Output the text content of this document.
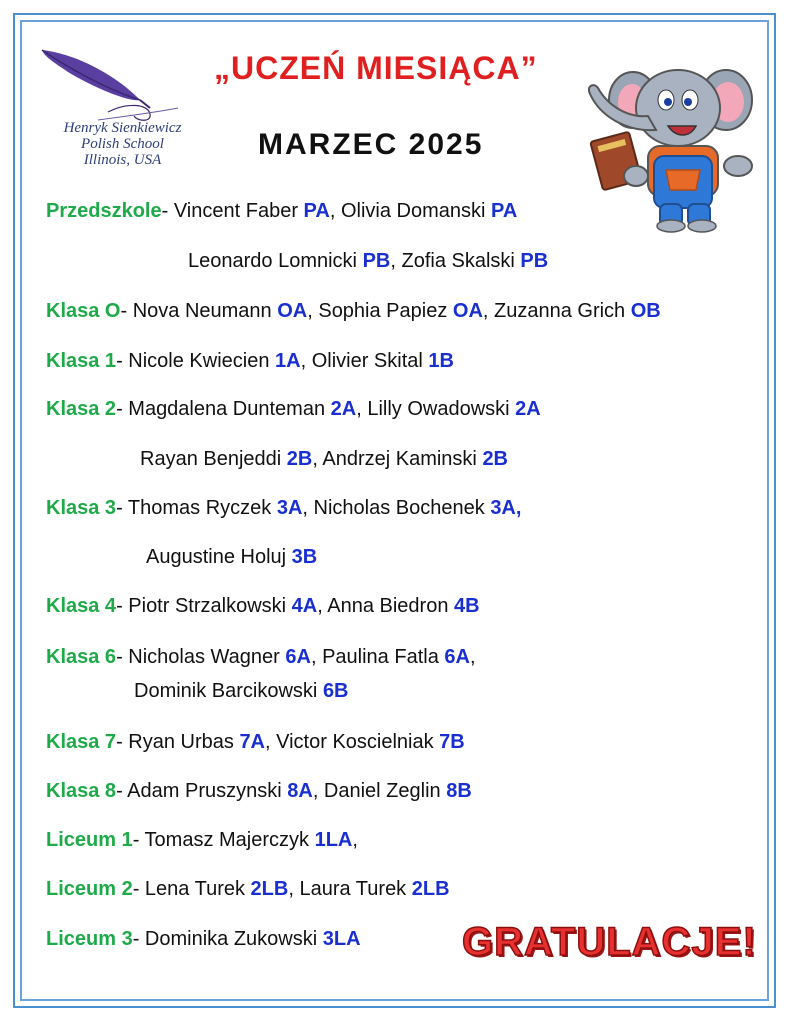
Henryk Sienkiewicz
Polish School
Illinois, USA
„UCZEŃ MIESIĄCA”
MARZEC 2025
Przedszkole- Vincent Faber PA, Olivia Domanski PA
Leonardo Lomnicki PB, Zofia Skalski PB
Klasa O- Nova Neumann OA, Sophia Papiez OA, Zuzanna Grich OB
Klasa 1- Nicole Kwiecien 1A, Olivier Skital 1B
Klasa 2- Magdalena Dunteman 2A, Lilly Owadowski 2A
Rayan Benjeddi 2B, Andrzej Kaminski 2B
Klasa 3- Thomas Ryczek 3A, Nicholas Bochenek 3A,
Augustine Holuj 3B
Klasa 4- Piotr Strzalkowski 4A, Anna Biedron 4B
Klasa 6- Nicholas Wagner 6A, Paulina Fatla 6A,
Dominik Barcikowski 6B
Klasa 7- Ryan Urbas 7A, Victor Koscielniak 7B
Klasa 8- Adam Pruszynski 8A, Daniel Zeglin 8B
Liceum 1- Tomasz Majerczyk 1LA,
Liceum 2- Lena Turek 2LB, Laura Turek 2LB
Liceum 3- Dominika Zukowski 3LA	GRATULACJE!
